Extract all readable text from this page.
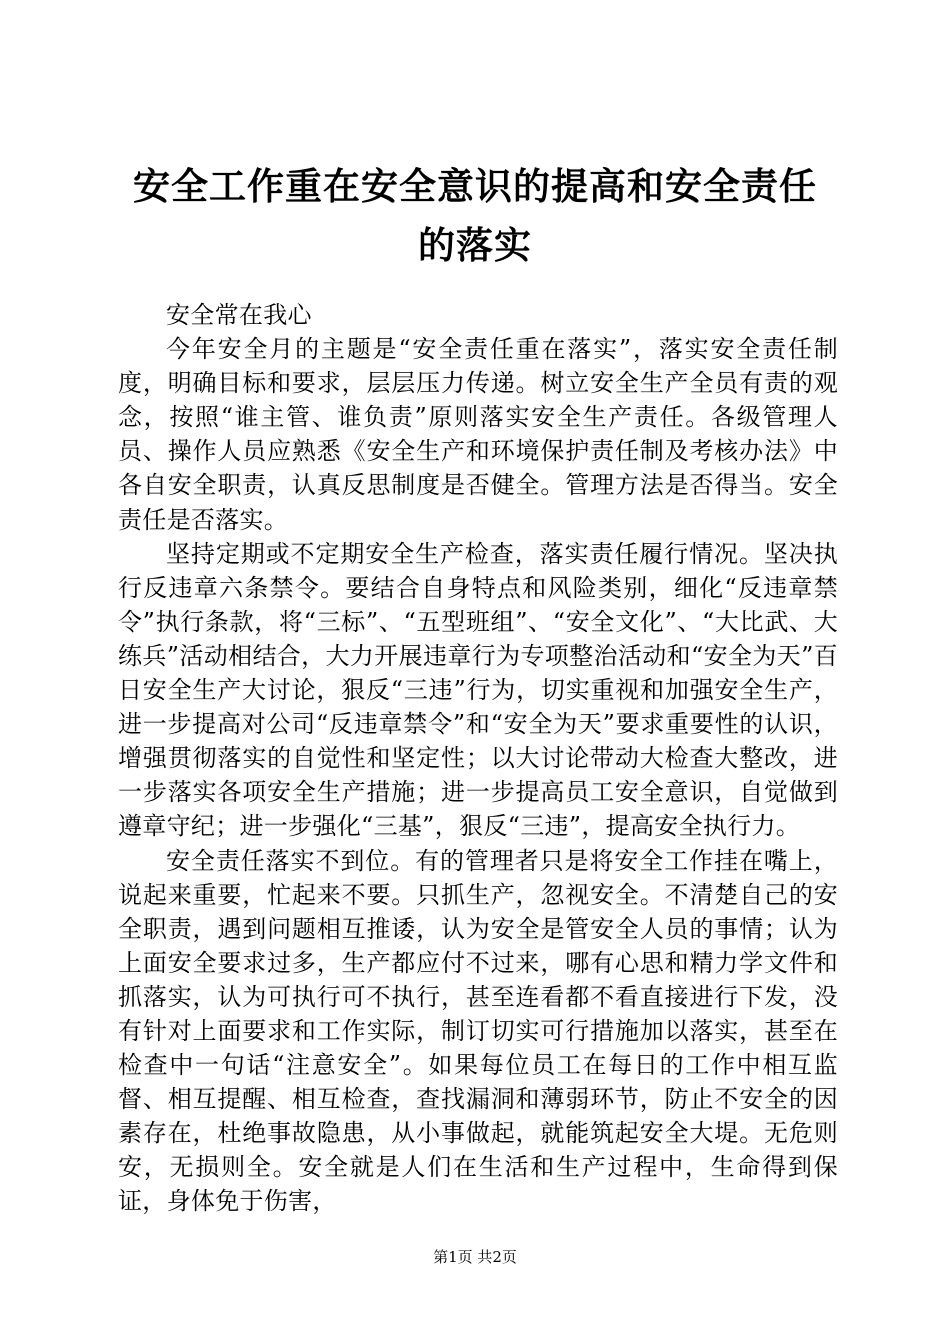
安全工作重在安全意识的提高和安全责任的落实

安全常在我心

今年安全月的主题是“安全责任重在落实”，落实安全责任制度，明确目标和要求，层层压力传递。树立安全生产全员有责的观念，按照“谁主管、谁负责”原则落实安全生产责任。各级管理人员、操作人员应熟悉《安全生产和环境保护责任制及考核办法》中各自安全职责，认真反思制度是否健全。管理方法是否得当。安全责任是否落实。

坚持定期或不定期安全生产检查，落实责任履行情况。坚决执行反违章六条禁令。要结合自身特点和风险类别，细化“反违章禁令”执行条款，将“三标”、“五型班组”、“安全文化”、“大比武、大练兵”活动相结合，大力开展违章行为专项整治活动和“安全为天”百日安全生产大讨论，狠反“三违”行为，切实重视和加强安全生产，进一步提高对公司“反违章禁令”和“安全为天”要求重要性的认识，增强贯彻落实的自觉性和坚定性；以大讨论带动大检查大整改，进一步落实各项安全生产措施；进一步提高员工安全意识，自觉做到遵章守纪；进一步强化“三基”，狠反“三违”，提高安全执行力。

安全责任落实不到位。有的管理者只是将安全工作挂在嘴上，说起来重要，忙起来不要。只抓生产，忽视安全。不清楚自己的安全职责，遇到问题相互推诿，认为安全是管安全人员的事情；认为上面安全要求过多，生产都应付不过来，哪有心思和精力学文件和抓落实，认为可执行可不执行，甚至连看都不看直接进行下发，没有针对上面要求和工作实际，制订切实可行措施加以落实，甚至在检查中一句话“注意安全”。如果每位员工在每日的工作中相互监督、相互提醒、相互检查，查找漏洞和薄弱环节，防止不安全的因素存在，杜绝事故隐患，从小事做起，就能筑起安全大堤。无危则安，无损则全。安全就是人们在生活和生产过程中，生命得到保证，身体免于伤害，

第1页 共2页
